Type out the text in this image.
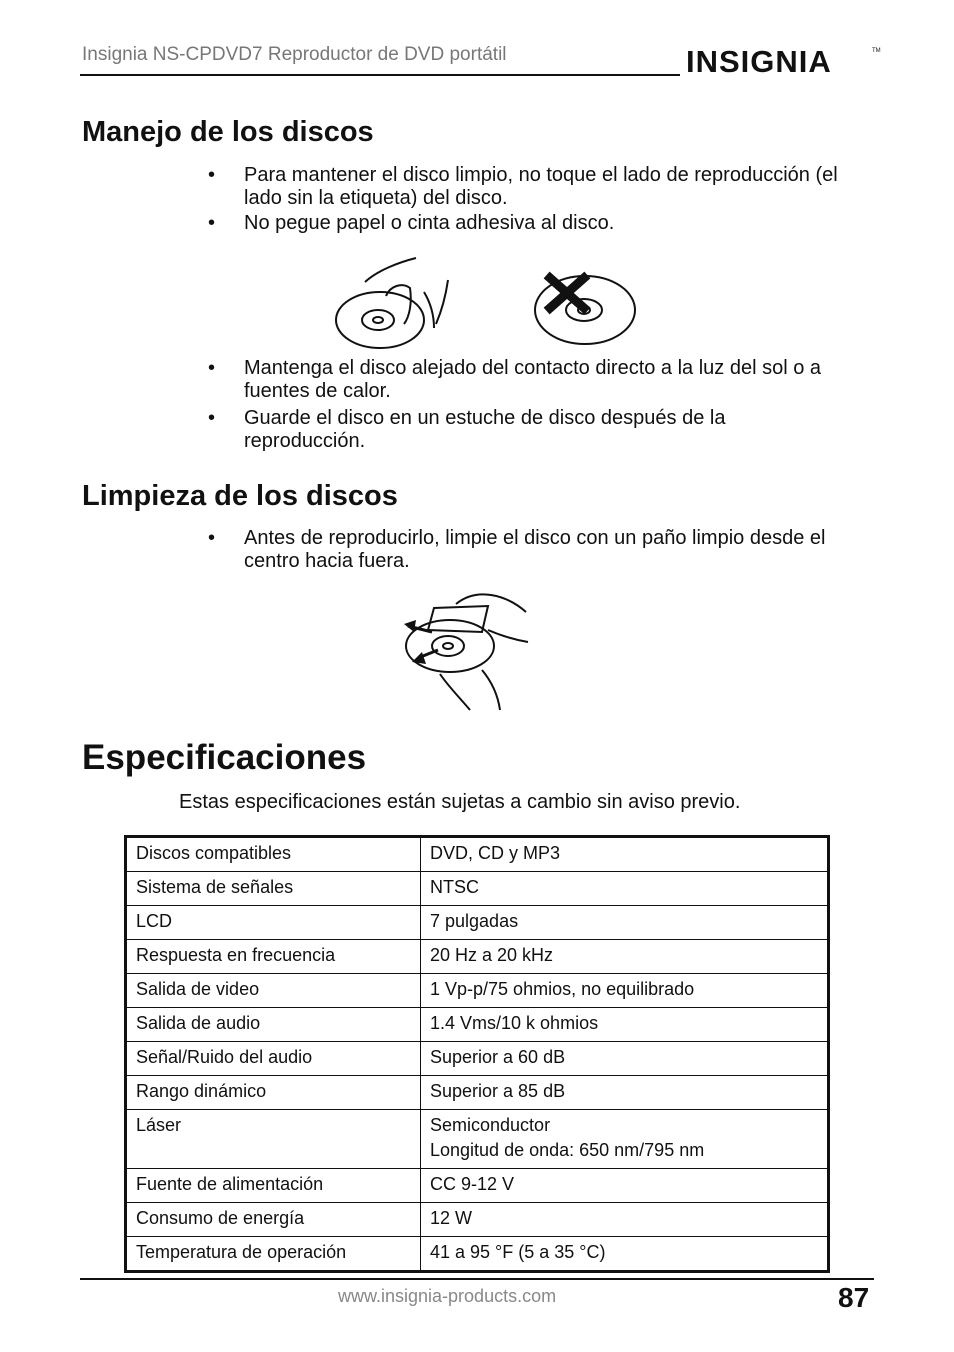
Insignia NS-CPDVD7 Reproductor de DVD portátil	INSIGNIA	TM
Manejo de los discos
• Para mantener el disco limpio, no toque el lado de reproducción (el lado sin la etiqueta) del disco.
• No pegue papel o cinta adhesiva al disco.
• Mantenga el disco alejado del contacto directo a la luz del sol o a fuentes de calor.
• Guarde el disco en un estuche de disco después de la reproducción.
Limpieza de los discos
• Antes de reproducirlo, limpie el disco con un paño limpio desde el centro hacia fuera.
Especificaciones
Estas especificaciones están sujetas a cambio sin aviso previo.
Discos compatibles	DVD, CD y MP3

Sistema de señales	NTSC

LCD	7 pulgadas

Respuesta en frecuencia	20 Hz a 20 kHz

Salida de video	1 Vp-p/75 ohmios, no equilibrado

Salida de audio	1.4 Vms/10 k ohmios

Señal/Ruido del audio	Superior a 60 dB

Rango dinámico	Superior a 85 dB

Láser	Semiconductor
Longitud de onda: 650 nm/795 nm

Fuente de alimentación	CC 9-12 V

Consumo de energía	12 W

Temperatura de operación	41 a 95 °F (5 a 35 °C)
www.insignia-products.com	87
